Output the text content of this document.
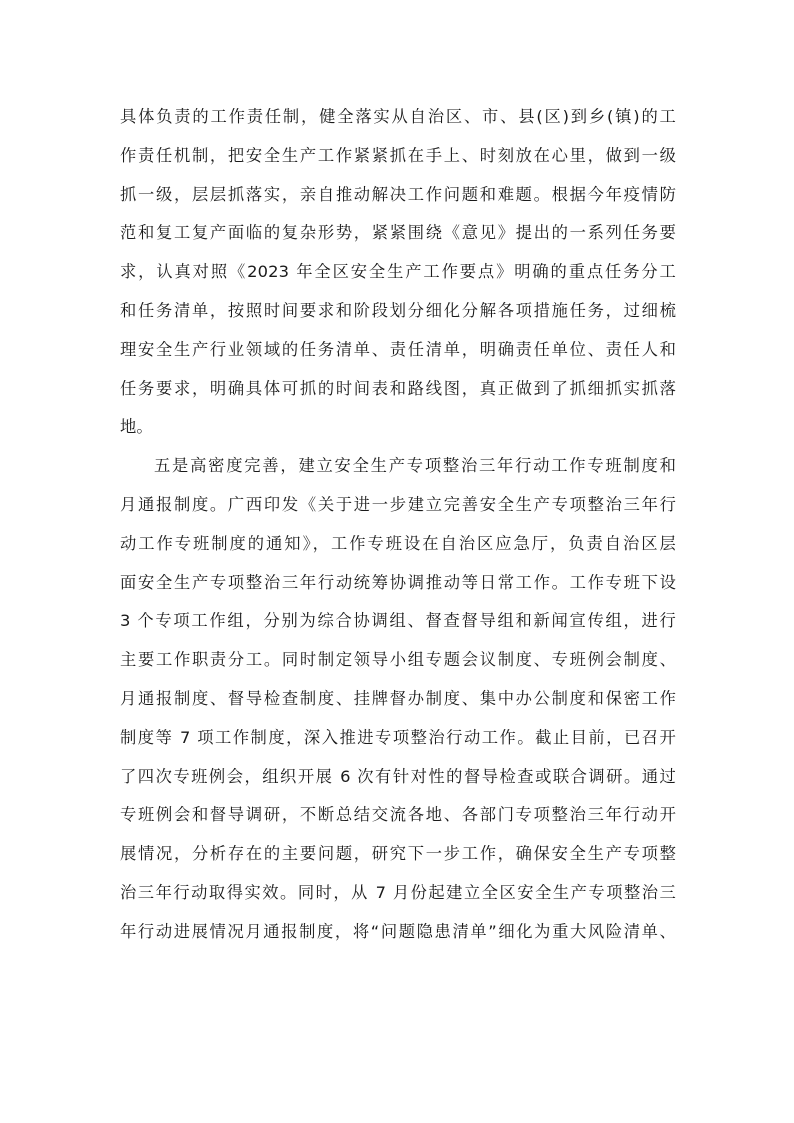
具体负责的工作责任制，健全落实从自治区、市、县(区)到乡(镇)的工
作责任机制，把安全生产工作紧紧抓在手上、时刻放在心里，做到一级
抓一级，层层抓落实，亲自推动解决工作问题和难题。根据今年疫情防
范和复工复产面临的复杂形势，紧紧围绕《意见》提出的一系列任务要
求，认真对照《2023 年全区安全生产工作要点》明确的重点任务分工
和任务清单，按照时间要求和阶段划分细化分解各项措施任务，过细梳
理安全生产行业领域的任务清单、责任清单，明确责任单位、责任人和
任务要求，明确具体可抓的时间表和路线图，真正做到了抓细抓实抓落
地。
五是高密度完善，建立安全生产专项整治三年行动工作专班制度和
月通报制度。广西印发《关于进一步建立完善安全生产专项整治三年行
动工作专班制度的通知》，工作专班设在自治区应急厅，负责自治区层
面安全生产专项整治三年行动统筹协调推动等日常工作。工作专班下设
3 个专项工作组，分别为综合协调组、督查督导组和新闻宣传组，进行
主要工作职责分工。同时制定领导小组专题会议制度、专班例会制度、
月通报制度、督导检查制度、挂牌督办制度、集中办公制度和保密工作
制度等 7 项工作制度，深入推进专项整治行动工作。截止目前，已召开
了四次专班例会，组织开展 6 次有针对性的督导检查或联合调研。通过
专班例会和督导调研，不断总结交流各地、各部门专项整治三年行动开
展情况，分析存在的主要问题，研究下一步工作，确保安全生产专项整
治三年行动取得实效。同时，从 7 月份起建立全区安全生产专项整治三
年行动进展情况月通报制度，将“问题隐患清单”细化为重大风险清单、
